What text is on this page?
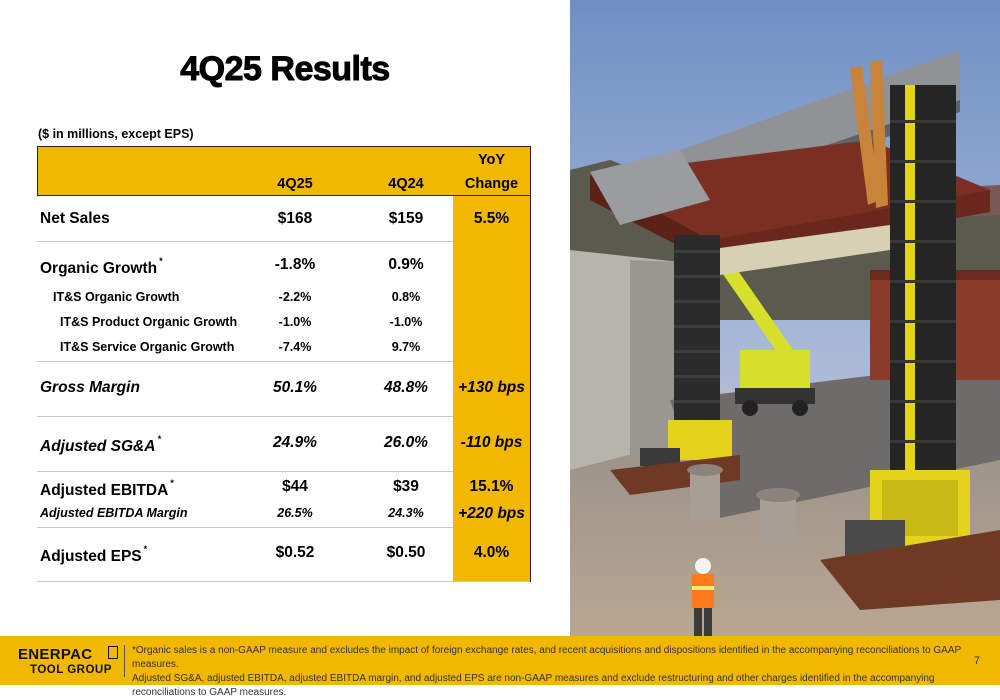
4Q25 Results
($ in millions, except EPS)
4Q25	4Q24
YoY
Change
Net Sales	$168	$159	5.5%
Organic Growth *	-1.8%	0.9%
IT&S Organic Growth	-2.2%	0.8%
IT&S Product Organic Growth	-1.0%	-1.0%
IT&S Service Organic Growth	-7.4%	9.7%
Gross Margin	50.1%	48.8%	+130 bps
Adjusted SG&A *	24.9%	26.0%	-110 bps
Adjusted EBITDA *	$44	$39	15.1%
Adjusted EBITDA Margin	26.5%	24.3%	+220 bps
Adjusted EPS *	$0.52	$0.50	4.0%
ENERPAC
TOOL GROUP
*Organic sales is a non-GAAP measure and excludes the impact of foreign exchange rates, and recent acquisitions and dispositions identified in the accompanying reconciliations to GAAP measures.
Adjusted SG&A, adjusted EBITDA, adjusted EBITDA margin, and adjusted EPS are non-GAAP measures and exclude restructuring and other charges identified in the accompanying reconciliations to GAAP measures.
7
